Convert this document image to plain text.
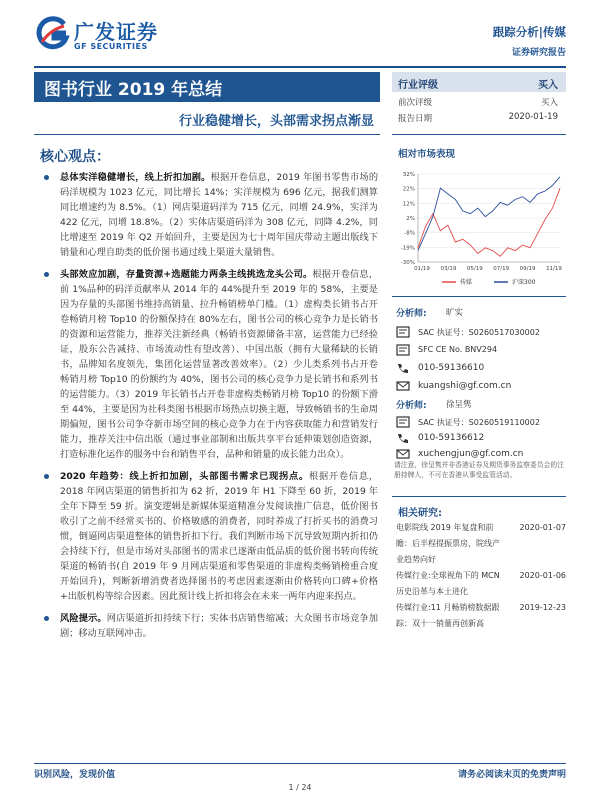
广发证券
GF SECURITIES
跟踪分析|传媒
证券研究报告
图书行业 2019 年总结
行业稳健增长，头部需求拐点渐显
行业评级	买入
前次评级	买入
报告日期	2020-01-19
核心观点：
总体实洋稳健增长，线上折扣加剧。根据开卷信息，2019 年图书零售市场的码洋规模为 1023 亿元，同比增长 14%；实洋规模为 696 亿元，据我们测算同比增速约为 8.5%。（1）网店渠道码洋为 715 亿元，同增 24.9%，实洋为 422 亿元，同增 18.8%。（2）实体店渠道码洋为 308 亿元，同降 4.2%，同比增速至 2019 年 Q2 开始回升，主要是因为七十周年国庆带动主题出版线下销量和心理自助类的低价图书通过线上渠道大量销售。
头部效应加剧，存量资源+选题能力两条主线挑选龙头公司。根据开卷信息，前 1%品种的码洋贡献率从 2014 年的 44%提升至 2019 年的 58%，主要是因为存量的头部图书维持高销量、拉升畅销榜单门槛。（1）虚构类长销书占开卷畅销月榜 Top10 的份额保持在 80%左右，图书公司的核心竞争力是长销书的资源和运营能力，推荐关注新经典（畅销书资源储备丰富，运营能力已经验证，股东公告减持、市场流动性有望改善）、中国出版（拥有大量稀缺的长销书，品牌知名度领先，集团化运营显著改善效率）。（2）少儿类系列书占开卷畅销月榜 Top10 的份额约为 40%，图书公司的核心竞争力是长销书和系列书的运营能力。（3）2019 年长销书占开卷非虚构类畅销月榜 Top10 的份额下滑至 44%，主要是因为社科类图书根据市场热点切换主题，导致畅销书的生命周期偏短，图书公司争夺新市场空间的核心竞争力在于内容获取能力和营销发行能力，推荐关注中信出版（通过事业部制和出版共享平台延伸策划创造资源，打造标准化运作的服务中台和销售平台，品种和销量的成长能力出众）。
2020 年趋势：线上折扣加剧，头部图书需求已现拐点。根据开卷信息，2018 年网店渠道的销售折扣为 62 折，2019 年 H1 下降至 60 折，2019 年全年下降至 59 折。演变逻辑是新媒体渠道精准分发阅读推广信息，低价图书收引了之前不经常买书的、价格敏感的消费者，同时养成了打折买书的消费习惯，倒逼网店渠道整体的销售折扣下行。我们判断市场下沉导致短期内折扣仍会持续下行，但是市场对头部图书的需求已逐渐由低品质的低价图书转向传统渠道的畅销书(自 2019 年 9 月网店渠道和零售渠道的非虚构类畅销榜重合度开始回升)，判断新增消费者选择图书的考虑因素逐渐由价格转向口碑+价格+出版机构等综合因素。因此预计线上折扣将会在未来一两年内迎来拐点。
风险提示。网店渠道折扣持续下行；实体书店销售缩减；大众图书市场竞争加剧；移动互联网冲击。
相对市场表现
32%
22%
12%
2%
-8%
-19%
-30%
01/19 03/19 05/19 07/19 09/19 11/19
传媒	沪深300
分析师: 旷实
SAC 执证号：S0260517030002
SFC CE No. BNV294
010-59136610
kuangshi@gf.com.cn
分析师: 徐呈隽
SAC 执证号：S0260519110002
010-59136612
xuchengjun@gf.com.cn
请注意，徐呈隽并非香港证券及期货事务监察委员会的注册持牌人，不可在香港从事受监管活动。
相关研究:
电影院线 2019 年复盘和前瞻：后半程提振票房，院线产业趋势向好
2020-01-07
传媒行业:全球视角下的 MCN 历史沿革与本土进化
2020-01-06
传媒行业:11 月畅销榜数据跟踪：双十一销量再创新高
2019-12-23
识别风险，发现价值	请务必阅读末页的免责声明
1 / 24
